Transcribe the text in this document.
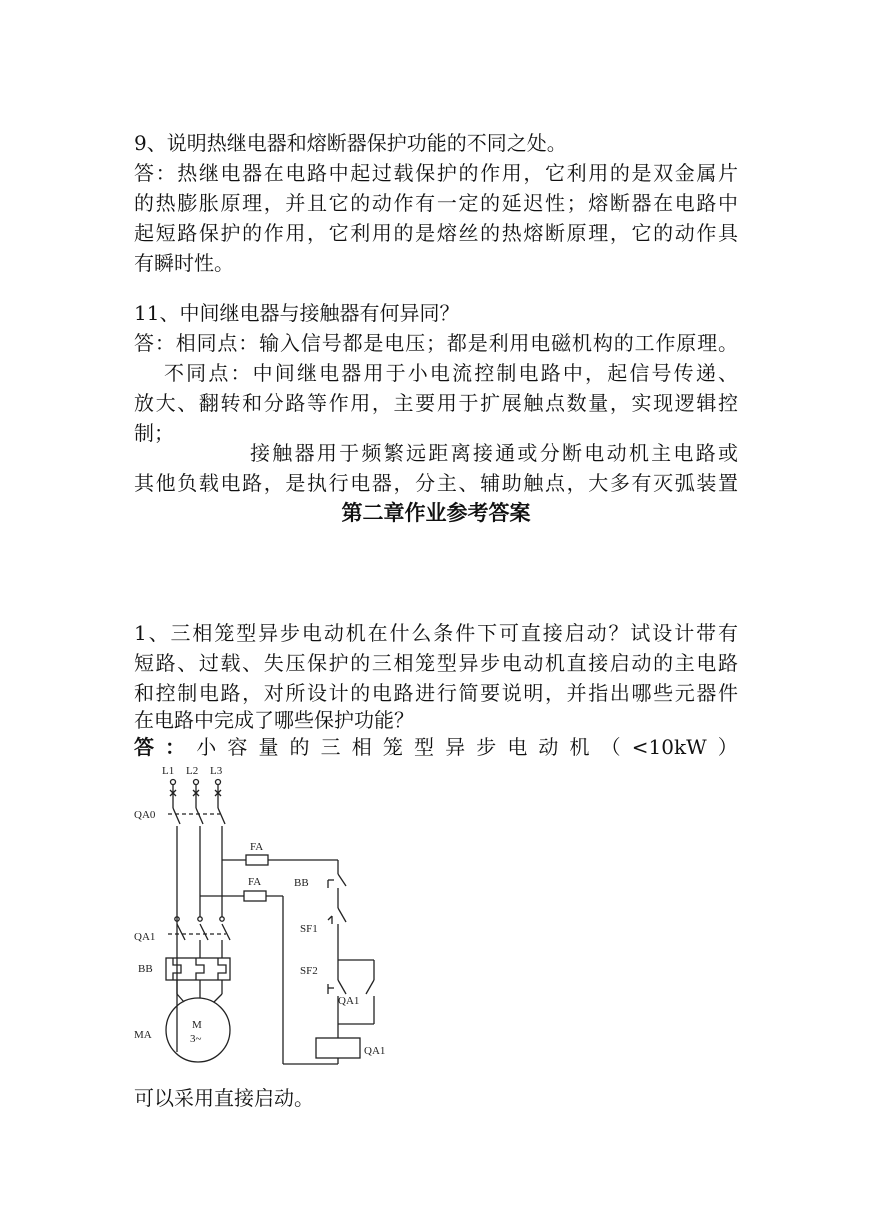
9、说明热继电器和熔断器保护功能的不同之处。
答：热继电器在电路中起过载保护的作用，它利用的是双金属片
的热膨胀原理，并且它的动作有一定的延迟性；熔断器在电路中
起短路保护的作用，它利用的是熔丝的热熔断原理，它的动作具
有瞬时性。
11、中间继电器与接触器有何异同？
答：相同点：输入信号都是电压；都是利用电磁机构的工作原理。
不同点：中间继电器用于小电流控制电路中，起信号传递、
放大、翻转和分路等作用，主要用于扩展触点数量，实现逻辑控
制；
接触器用于频繁远距离接通或分断电动机主电路或
其他负载电路，是执行电器，分主、辅助触点，大多有灭弧装置
第二章作业参考答案
1、三相笼型异步电动机在什么条件下可直接启动？试设计带有
短路、过载、失压保护的三相笼型异步电动机直接启动的主电路
和控制电路，对所设计的电路进行简要说明，并指出哪些元器件
在电路中完成了哪些保护功能？
答 ： 小 容 量 的 三 相 笼 型 异 步 电 动 机 （ <10kW ）
L1 L2 L3
QA0
FA
FA	BB
SF1
SF2
QA1
QA1
QA1
BB
MA
M
3~
可以采用直接启动。
